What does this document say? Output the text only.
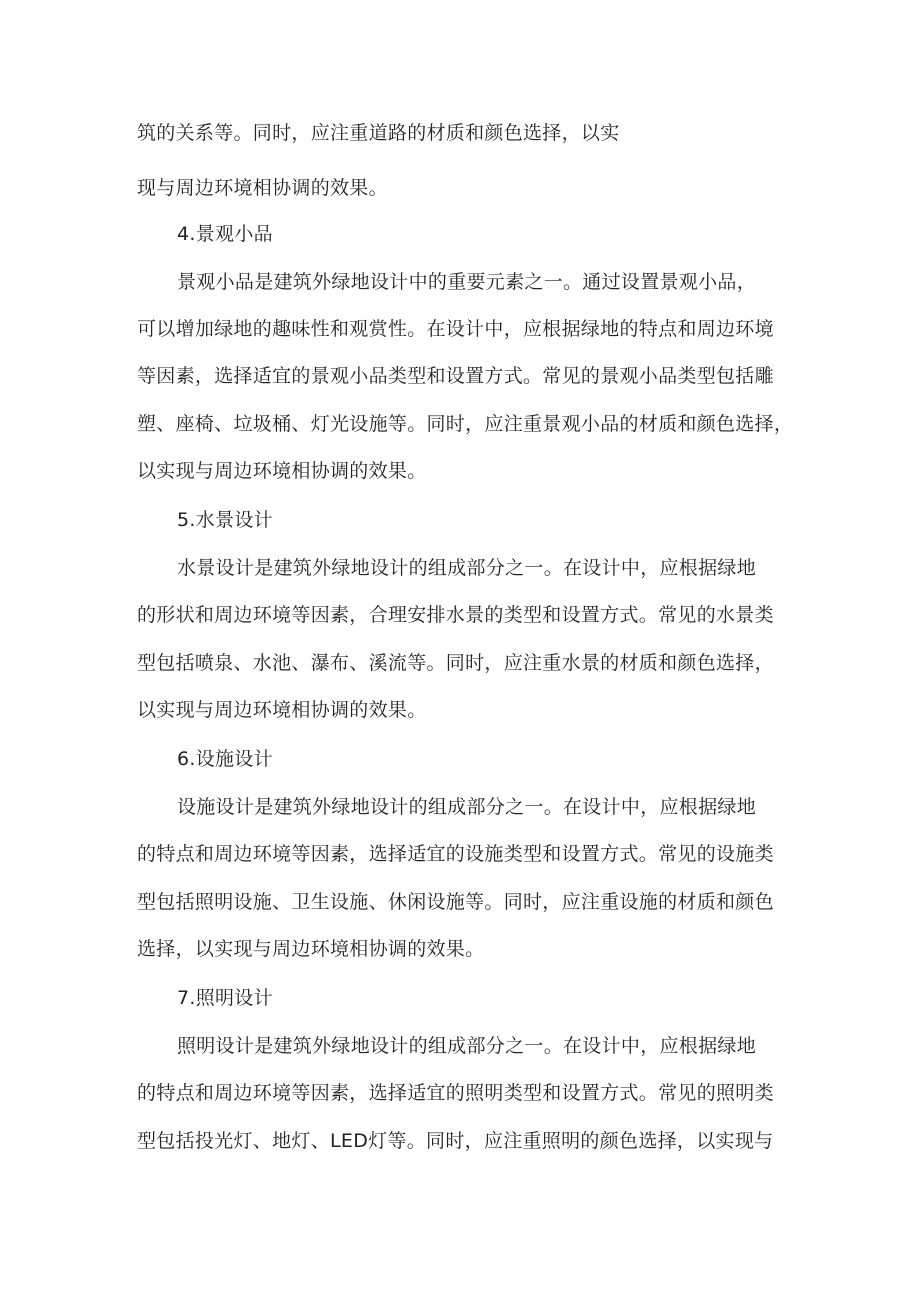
筑的关系等。同时，应注重道路的材质和颜色选择，以实
现与周边环境相协调的效果。
4.景观小品
景观小品是建筑外绿地设计中的重要元素之一。通过设置景观小品，
可以增加绿地的趣味性和观赏性。在设计中，应根据绿地的特点和周边环境
等因素，选择适宜的景观小品类型和设置方式。常见的景观小品类型包括雕
塑、座椅、垃圾桶、灯光设施等。同时，应注重景观小品的材质和颜色选择，
以实现与周边环境相协调的效果。
5.水景设计
水景设计是建筑外绿地设计的组成部分之一。在设计中，应根据绿地
的形状和周边环境等因素，合理安排水景的类型和设置方式。常见的水景类
型包括喷泉、水池、瀑布、溪流等。同时，应注重水景的材质和颜色选择，
以实现与周边环境相协调的效果。
6.设施设计
设施设计是建筑外绿地设计的组成部分之一。在设计中，应根据绿地
的特点和周边环境等因素，选择适宜的设施类型和设置方式。常见的设施类
型包括照明设施、卫生设施、休闲设施等。同时，应注重设施的材质和颜色
选择，以实现与周边环境相协调的效果。
7.照明设计
照明设计是建筑外绿地设计的组成部分之一。在设计中，应根据绿地
的特点和周边环境等因素，选择适宜的照明类型和设置方式。常见的照明类
型包括投光灯、地灯、LED灯等。同时，应注重照明的颜色选择，以实现与
